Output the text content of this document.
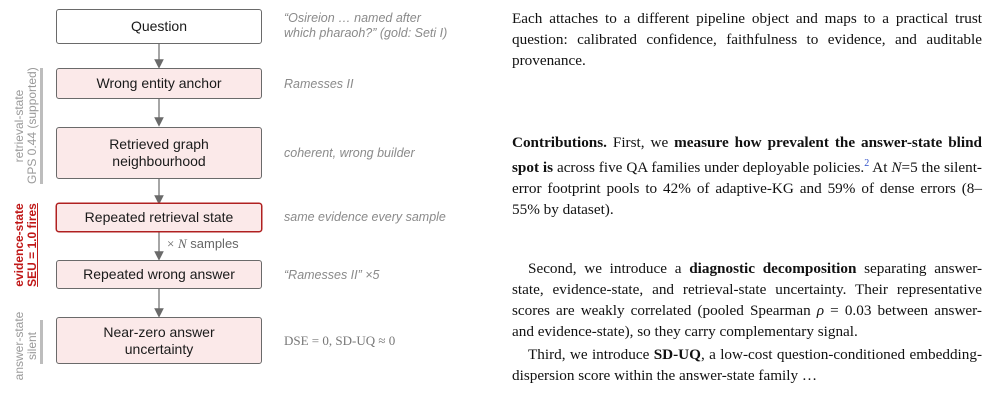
Question
Wrong entity anchor
Retrieved graph neighbourhood
Repeated retrieval state
Repeated wrong answer
Near-zero answer uncertainty
“Osireion … named after
which pharaoh?” (gold: Seti I)
Ramesses II
coherent, wrong builder
same evidence every sample
“Ramesses II” ×5
DSE = 0, SD-UQ ≈ 0
× N samples
retrieval-state GPS 0.44 (supported)
evidence-state SEU = 1.0 fires
answer-state silent

Each attaches to a different pipeline object and maps to a practical trust question: calibrated confidence, faithfulness to evidence, and auditable provenance.

Contributions. First, we measure how prevalent the answer-state blind spot is across five QA families under deployable policies.$^2$ At N=5 the silent-error footprint pools to 42% of adaptive-KG and 59% of dense errors (8–55% by dataset).

Second, we introduce a diagnostic decomposition separating answer-state, evidence-state, and retrieval-state uncertainty. Their representative scores are weakly correlated (pooled Spearman ρ = 0.03 between answer- and evidence-state), so they carry complementary signal.

Third, we introduce SD-UQ, a low-cost question-conditioned embedding-dispersion score within the answer-state family …
